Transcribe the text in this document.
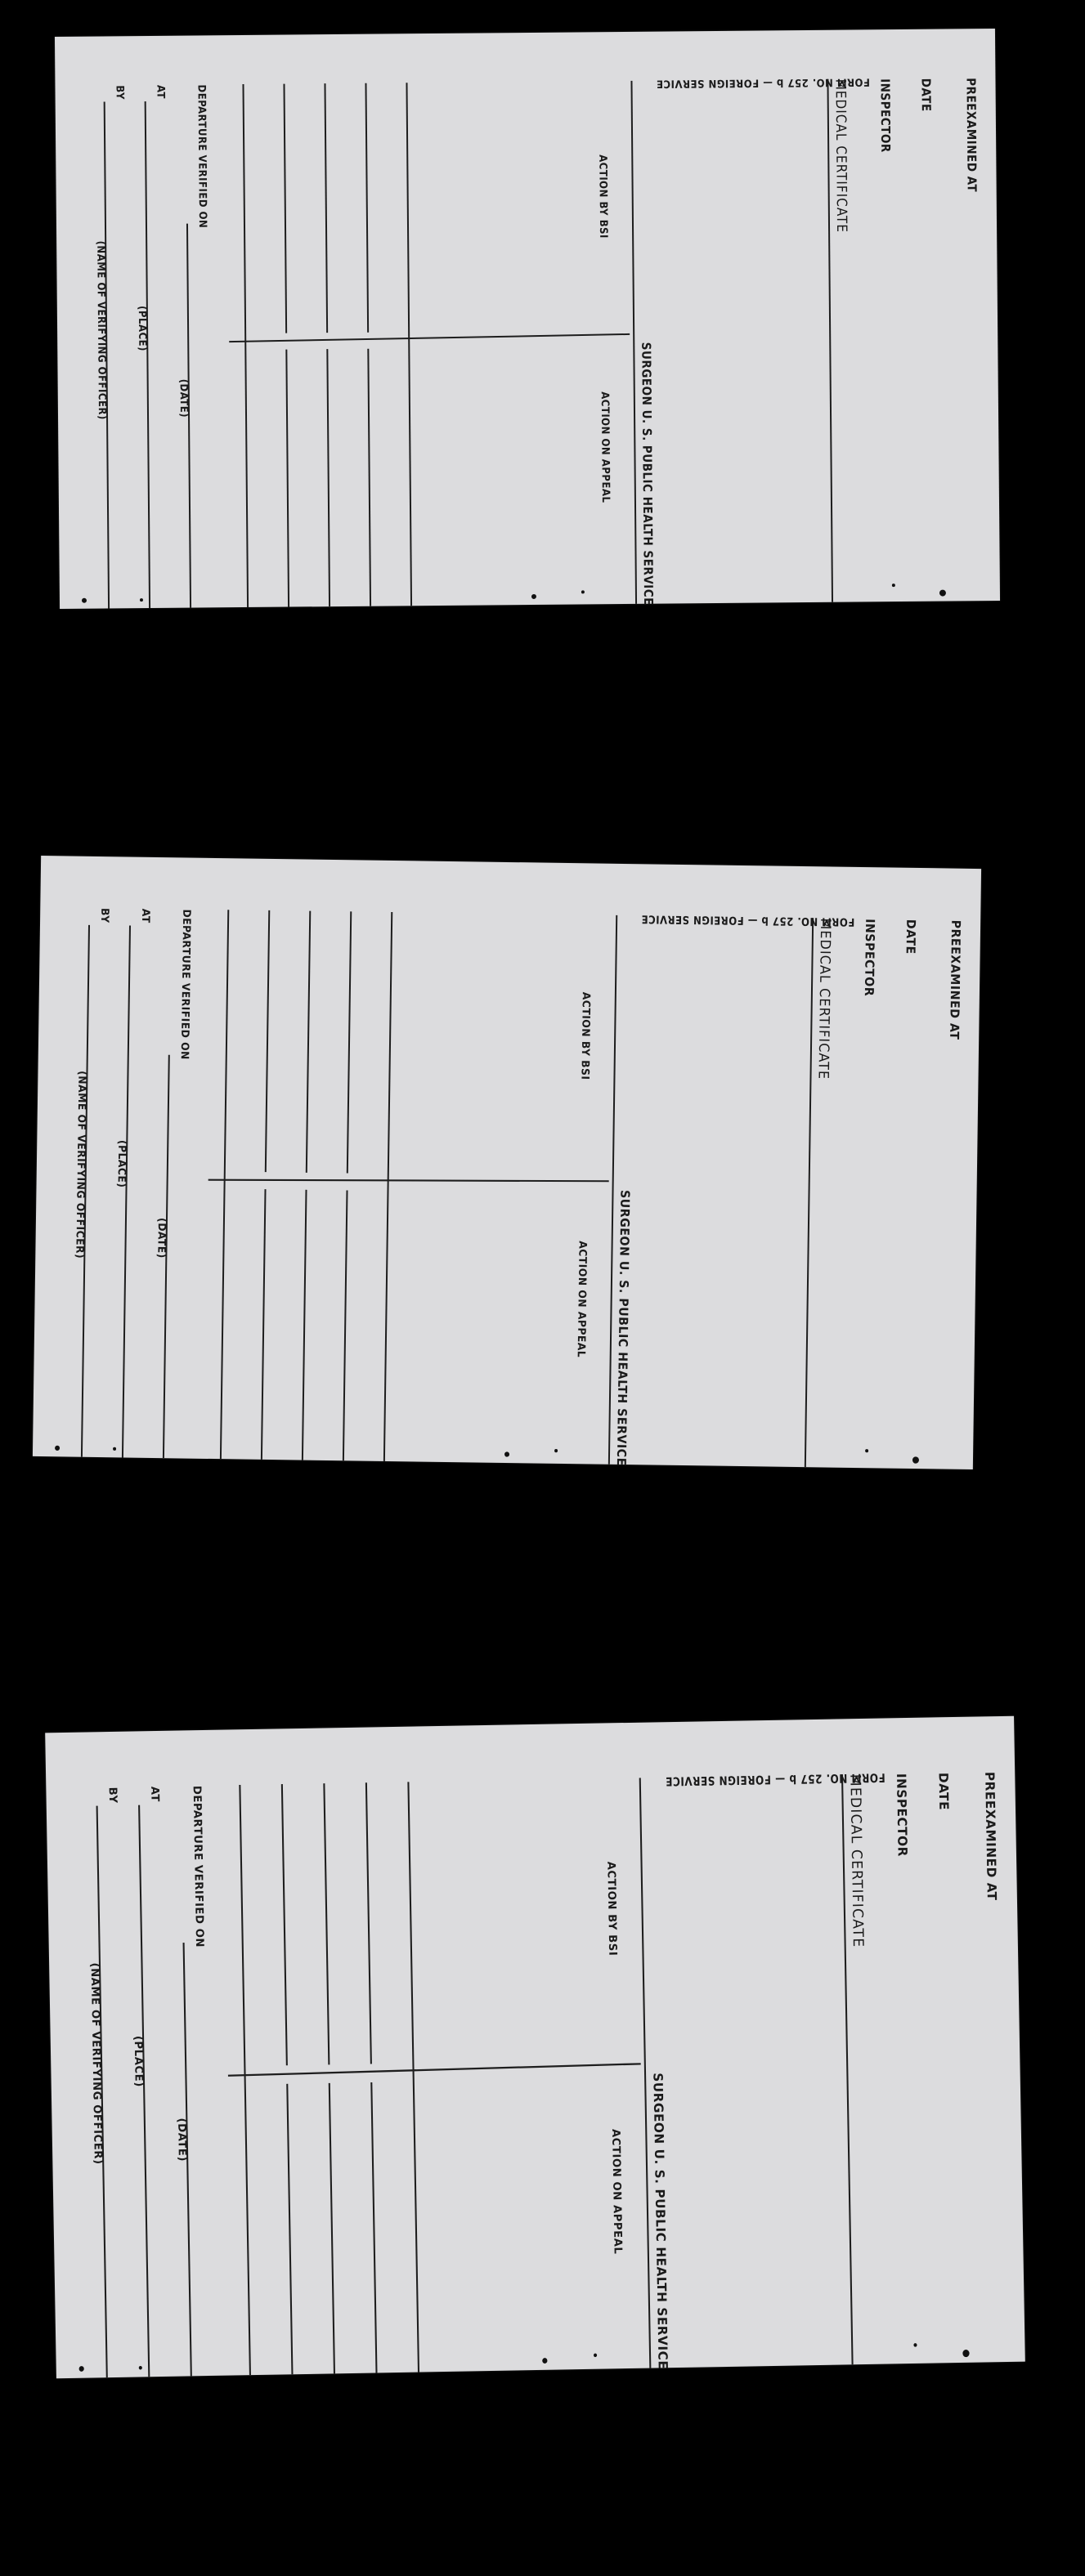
PREEXAMINED AT
DATE
INSPECTOR
MEDICAL CERTIFICATE
SURGEON U. S. PUBLIC HEALTH SERVICE
FORM NO. 257 b — FOREIGN SERVICE
ACTION BY BSI
ACTION ON APPEAL
DEPARTURE VERIFIED ON
(DATE)
AT
(PLACE)
BY
(NAME OF VERIFYING OFFICER)
PREEXAMINED AT
DATE
INSPECTOR
MEDICAL CERTIFICATE
SURGEON U. S. PUBLIC HEALTH SERVICE
FORM NO. 257 b — FOREIGN SERVICE
ACTION BY BSI
ACTION ON APPEAL
DEPARTURE VERIFIED ON
(DATE)
AT
(PLACE)
BY
(NAME OF VERIFYING OFFICER)
PREEXAMINED AT
DATE
INSPECTOR
MEDICAL CERTIFICATE
SURGEON U. S. PUBLIC HEALTH SERVICE
FORM NO. 257 b — FOREIGN SERVICE
ACTION BY BSI
ACTION ON APPEAL
DEPARTURE VERIFIED ON
(DATE)
AT
(PLACE)
BY
(NAME OF VERIFYING OFFICER)
